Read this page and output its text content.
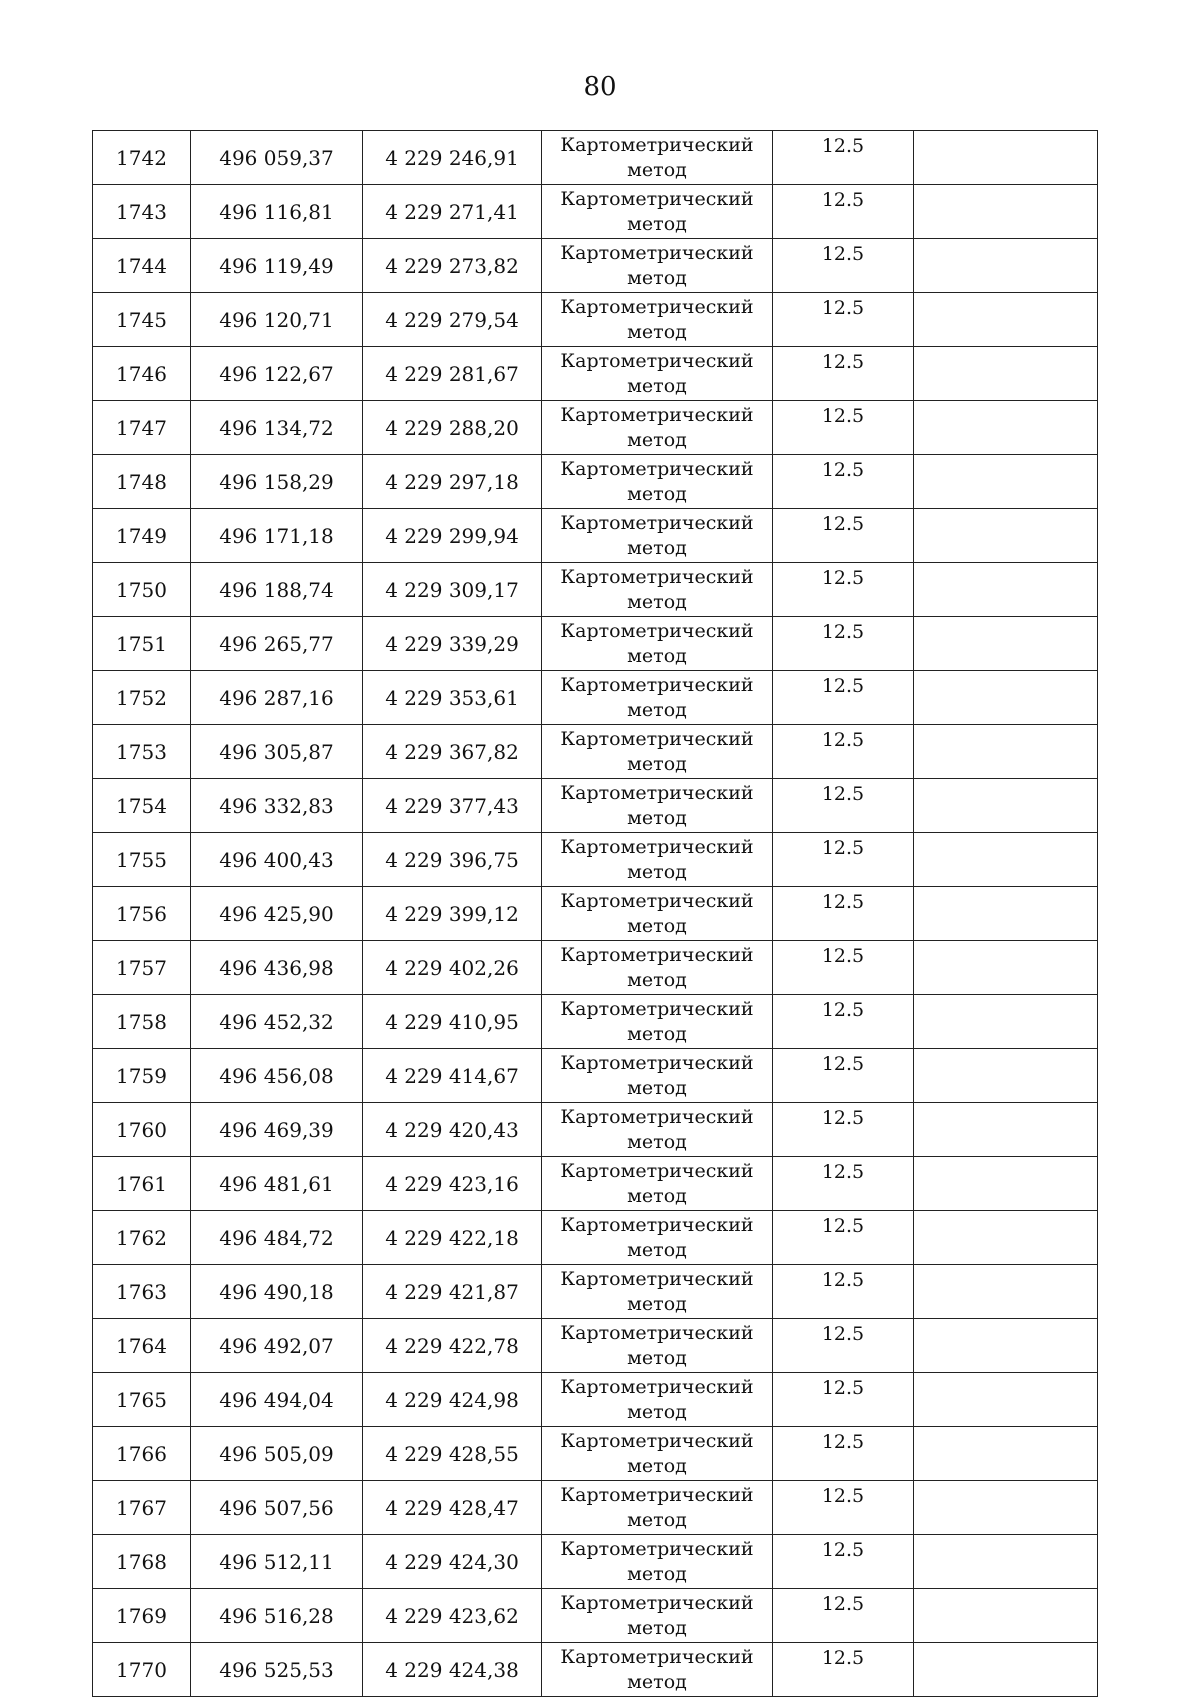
80
1742	496 059,37	4 229 246,91	Картометрический метод	12.5	
1743	496 116,81	4 229 271,41	Картометрический метод	12.5	
1744	496 119,49	4 229 273,82	Картометрический метод	12.5	
1745	496 120,71	4 229 279,54	Картометрический метод	12.5	
1746	496 122,67	4 229 281,67	Картометрический метод	12.5	
1747	496 134,72	4 229 288,20	Картометрический метод	12.5	
1748	496 158,29	4 229 297,18	Картометрический метод	12.5	
1749	496 171,18	4 229 299,94	Картометрический метод	12.5	
1750	496 188,74	4 229 309,17	Картометрический метод	12.5	
1751	496 265,77	4 229 339,29	Картометрический метод	12.5	
1752	496 287,16	4 229 353,61	Картометрический метод	12.5	
1753	496 305,87	4 229 367,82	Картометрический метод	12.5	
1754	496 332,83	4 229 377,43	Картометрический метод	12.5	
1755	496 400,43	4 229 396,75	Картометрический метод	12.5	
1756	496 425,90	4 229 399,12	Картометрический метод	12.5	
1757	496 436,98	4 229 402,26	Картометрический метод	12.5	
1758	496 452,32	4 229 410,95	Картометрический метод	12.5	
1759	496 456,08	4 229 414,67	Картометрический метод	12.5	
1760	496 469,39	4 229 420,43	Картометрический метод	12.5	
1761	496 481,61	4 229 423,16	Картометрический метод	12.5	
1762	496 484,72	4 229 422,18	Картометрический метод	12.5	
1763	496 490,18	4 229 421,87	Картометрический метод	12.5	
1764	496 492,07	4 229 422,78	Картометрический метод	12.5	
1765	496 494,04	4 229 424,98	Картометрический метод	12.5	
1766	496 505,09	4 229 428,55	Картометрический метод	12.5	
1767	496 507,56	4 229 428,47	Картометрический метод	12.5	
1768	496 512,11	4 229 424,30	Картометрический метод	12.5	
1769	496 516,28	4 229 423,62	Картометрический метод	12.5	
1770	496 525,53	4 229 424,38	Картометрический метод	12.5	
